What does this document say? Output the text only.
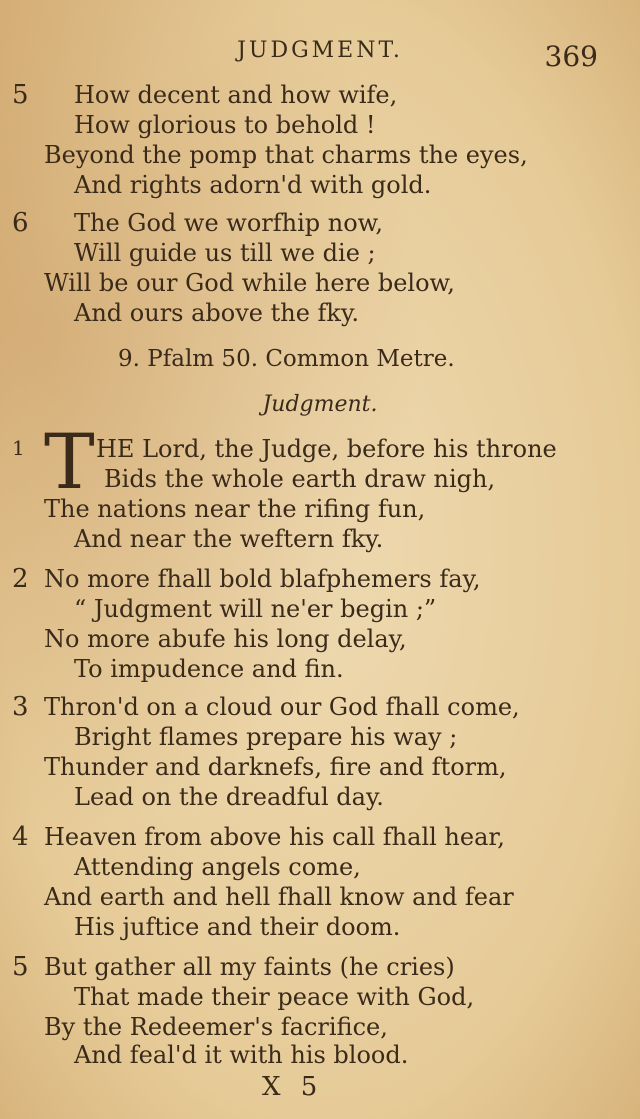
JUDGMENT.	369
5 How decent and how wife,
How glorious to behold !
Beyond the pomp that charms the eyes,
And rights adorn'd with gold.
6 The God we worfhip now,
Will guide us till we die ;
Will be our God while here below,
And ours above the fky.
9. Pfalm 50. Common Metre.
Judgment.
1 T HE Lord, the Judge, before his throne
Bids the whole earth draw nigh,
The nations near the rifing fun,
And near the weftern fky.
2 No more fhall bold blafphemers fay,
“ Judgment will ne'er begin ;”
No more abufe his long delay,
To impudence and fin.
3 Thron'd on a cloud our God fhall come,
Bright flames prepare his way ;
Thunder and darknefs, fire and ftorm,
Lead on the dreadful day.
4 Heaven from above his call fhall hear,
Attending angels come,
And earth and hell fhall know and fear
His juftice and their doom.
5 But gather all my faints (he cries)
That made their peace with God,
By the Redeemer's facrifice,
And feal'd it with his blood.
X 5
